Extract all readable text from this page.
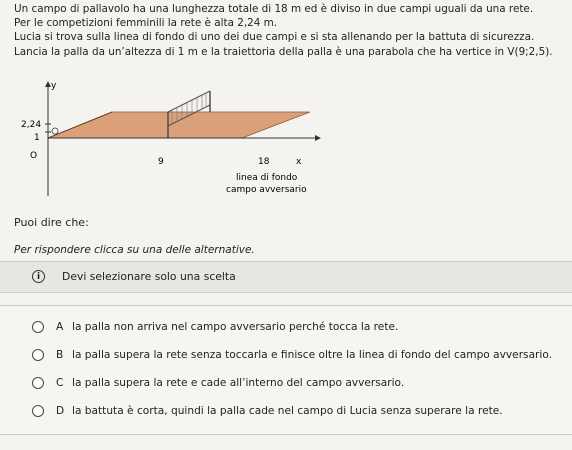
Un campo di pallavolo ha una lunghezza totale di 18 m ed è diviso in due campi uguali da una rete.

Per le competizioni femminili la rete è alta 2,24 m.

Lucia si trova sulla linea di fondo di uno dei due campi e si sta allenando per la battuta di sicurezza.

Lancia la palla da un’altezza di 1 m e la traiettoria della palla è una parabola che ha vertice in V(9;2,5).

y
2,24
1
O
9	18	x
linea di fondo
campo avversario
Puoi dire che:
Per rispondere clicca su una delle alternative.
i	Devi selezionare solo una scelta
A la palla non arriva nel campo avversario perché tocca la rete.
B la palla supera la rete senza toccarla e finisce oltre la linea di fondo del campo avversario.
C la palla supera la rete e cade all’interno del campo avversario.
D la battuta è corta, quindi la palla cade nel campo di Lucia senza superare la rete.
